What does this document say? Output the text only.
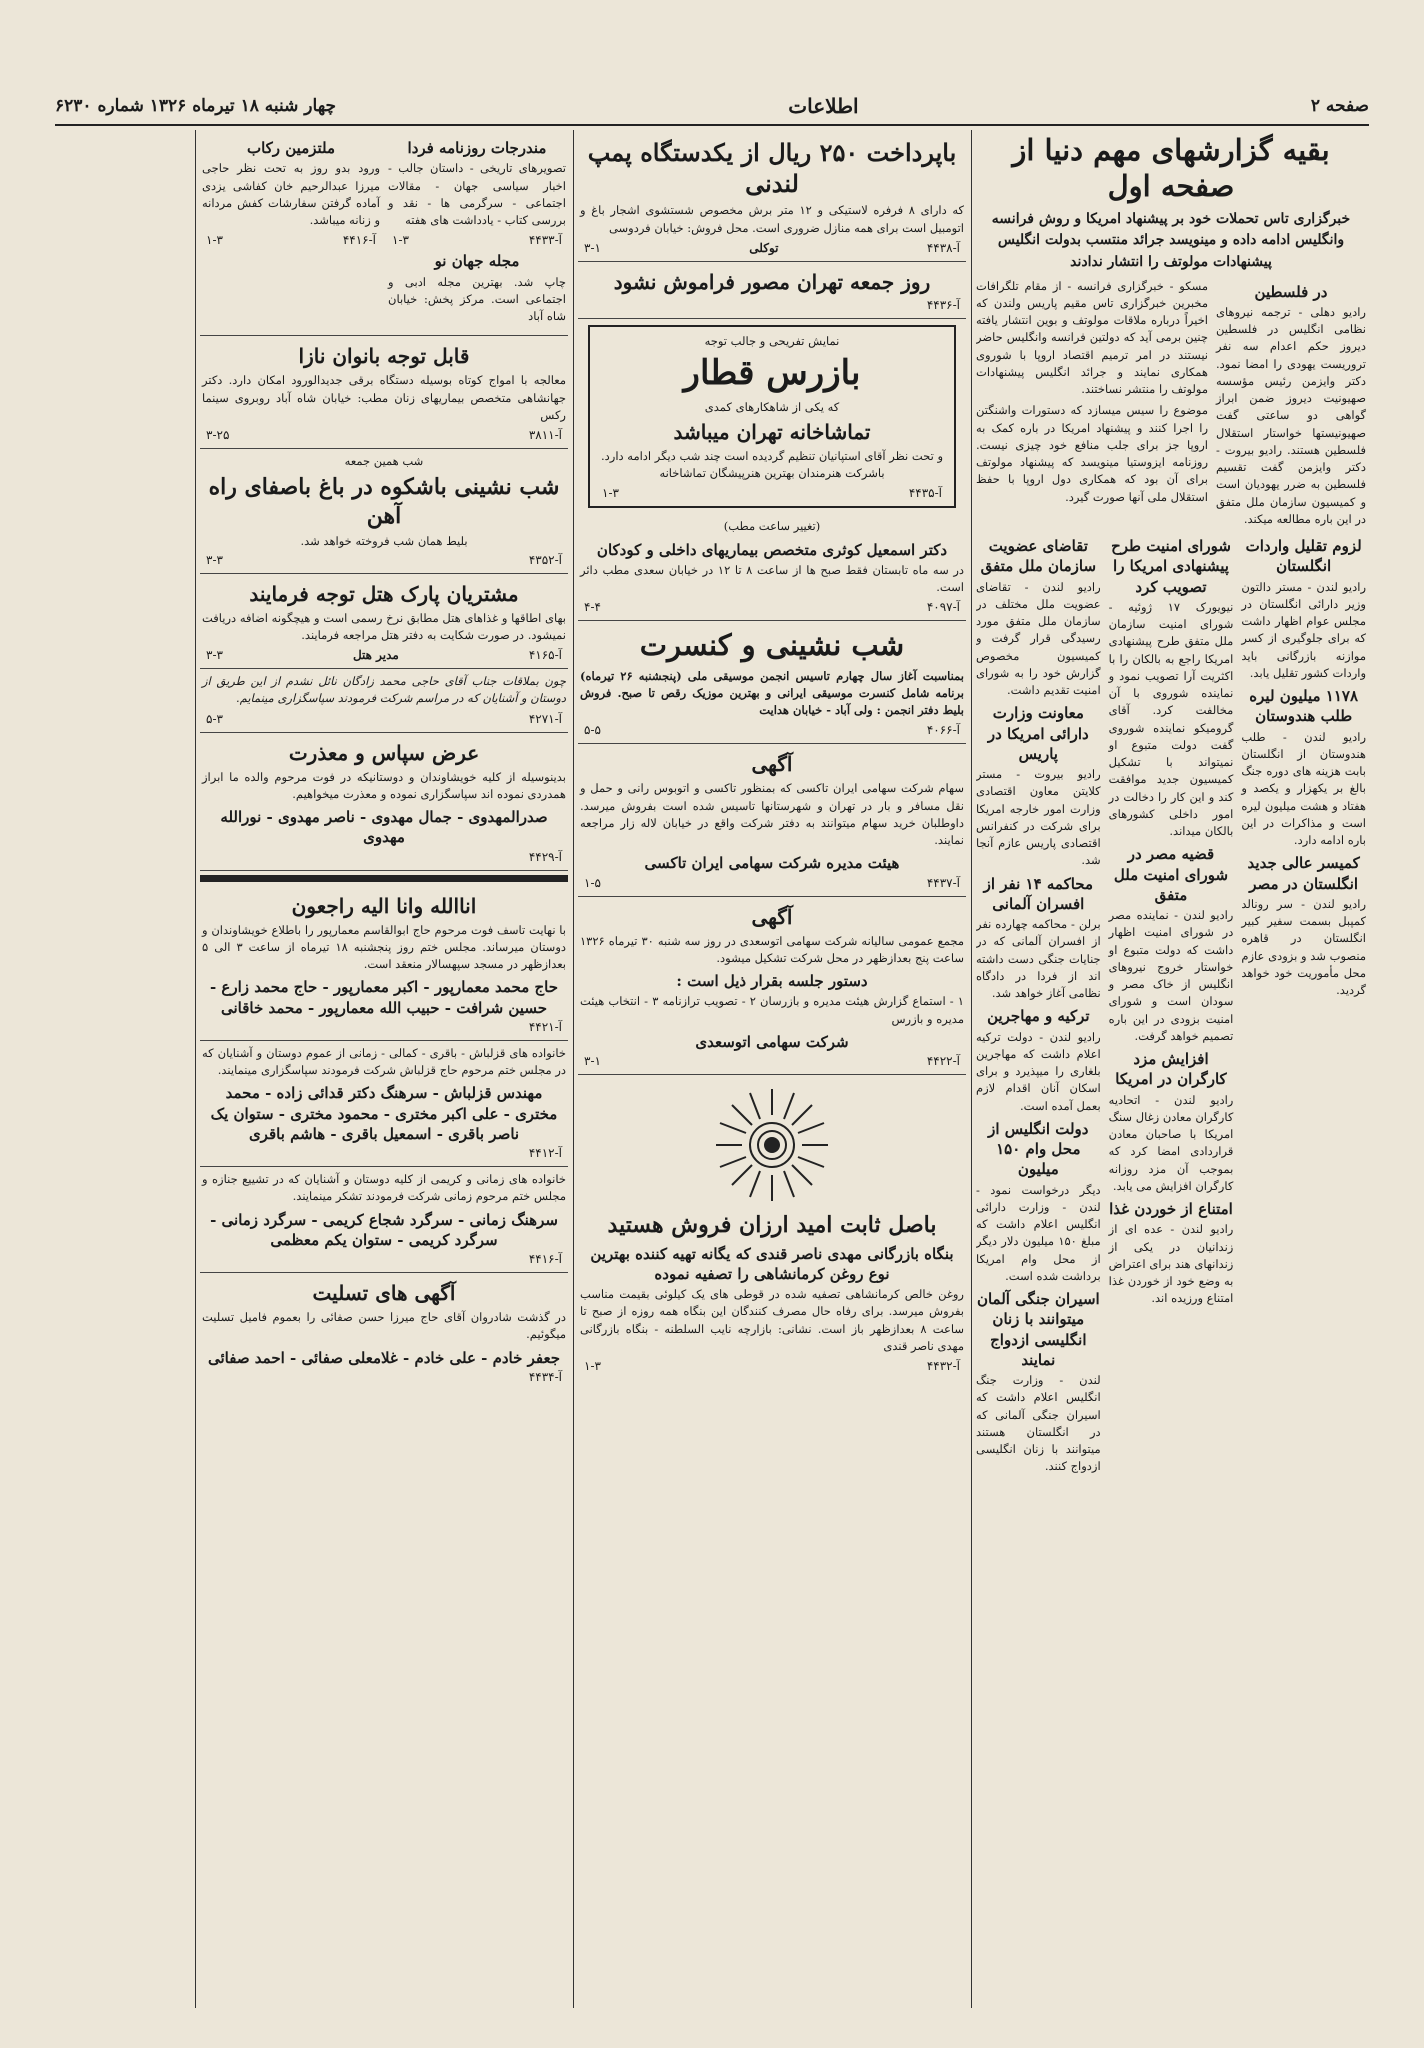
صفحه ۲
اطلاعات
چهار شنبه ۱۸ تیرماه ۱۳۲۶ شماره ۶۲۳۰
بقیه گزارشهای مهم دنیا از صفحه اول
خبرگزاری تاس تحملات خود بر پیشنهاد امریکا و روش فرانسه وانگلیس ادامه داده و مینویسد جرائد منتسب بدولت انگلیس پیشنهادات مولوتف را انتشار ندادند
در فلسطین
رادیو دهلی - ترجمه نیروهای نظامی انگلیس در فلسطین دیروز حکم اعدام سه نفر تروریست یهودی را امضا نمود. دکتر وایزمن رئیس مؤسسه صهیونیت دیروز ضمن ابراز گواهی دو ساعتی گفت صهیونیستها خواستار استقلال فلسطین هستند. رادیو بیروت - دکتر وایزمن گفت تقسیم فلسطین به ضرر یهودیان است و کمیسیون سازمان ملل متفق در این باره مطالعه میکند.
مسکو - خبرگزاری فرانسه - از مقام تلگرافات مخبرین خبرگزاری تاس مقیم پاریس ولندن که اخیراً درباره ملاقات مولوتف و بوین انتشار یافته چنین برمی آید که دولتین فرانسه وانگلیس حاضر نیستند در امر ترمیم اقتصاد اروپا با شوروی همکاری نمایند و جرائد انگلیس پیشنهادات مولوتف را منتشر نساختند.
موضوع را سیس میسازد که دستورات واشنگتن را اجرا کنند و پیشنهاد امریکا در باره کمک به اروپا جز برای جلب منافع خود چیزی نیست. روزنامه ایزوستیا مینویسد که پیشنهاد مولوتف برای آن بود که همکاری دول اروپا با حفظ استقلال ملی آنها صورت گیرد.
لزوم تقلیل واردات انگلستان
رادیو لندن - مستر دالتون وزیر دارائی انگلستان در مجلس عوام اظهار داشت که برای جلوگیری از کسر موازنه بازرگانی باید واردات کشور تقلیل یابد.
۱۱۷۸ میلیون لیره طلب هندوستان
رادیو لندن - طلب هندوستان از انگلستان بابت هزینه های دوره جنگ بالغ بر یکهزار و یکصد و هفتاد و هشت میلیون لیره است و مذاکرات در این باره ادامه دارد.
کمیسر عالی جدید انگلستان در مصر
رادیو لندن - سر رونالد کمپبل بسمت سفیر کبیر انگلستان در قاهره منصوب شد و بزودی عازم محل مأموریت خود خواهد گردید.
شورای امنیت طرح پیشنهادی امریکا را تصویب کرد
نیویورک ۱۷ ژوئیه - شورای امنیت سازمان ملل متفق طرح پیشنهادی امریکا راجع به بالکان را با اکثریت آرا تصویب نمود و نماینده شوروی با آن مخالفت کرد. آقای گرومیکو نماینده شوروی گفت دولت متبوع او نمیتواند با تشکیل کمیسیون جدید موافقت کند و این کار را دخالت در امور داخلی کشورهای بالکان میداند.
قضیه مصر در شورای امنیت ملل متفق
رادیو لندن - نماینده مصر در شورای امنیت اظهار داشت که دولت متبوع او خواستار خروج نیروهای انگلیس از خاک مصر و سودان است و شورای امنیت بزودی در این باره تصمیم خواهد گرفت.
افزایش مزد کارگران در امریکا
رادیو لندن - اتحادیه کارگران معادن زغال سنگ امریکا با صاحبان معادن قراردادی امضا کرد که بموجب آن مزد روزانه کارگران افزایش می یابد.
امتناع از خوردن غذا
رادیو لندن - عده ای از زندانیان در یکی از زندانهای هند برای اعتراض به وضع خود از خوردن غذا امتناع ورزیده اند.
تقاضای عضویت سازمان ملل متفق
رادیو لندن - تقاضای عضویت ملل مختلف در سازمان ملل متفق مورد رسیدگی قرار گرفت و کمیسیون مخصوص گزارش خود را به شورای امنیت تقدیم داشت.
معاونت وزارت دارائی امریکا در پاریس
رادیو بیروت - مستر کلایتن معاون اقتصادی وزارت امور خارجه امریکا برای شرکت در کنفرانس اقتصادی پاریس عازم آنجا شد.
محاکمه ۱۴ نفر از افسران آلمانی
برلن - محاکمه چهارده نفر از افسران آلمانی که در جنایات جنگی دست داشته اند از فردا در دادگاه نظامی آغاز خواهد شد.
ترکیه و مهاجرین
رادیو لندن - دولت ترکیه اعلام داشت که مهاجرین بلغاری را میپذیرد و برای اسکان آنان اقدام لازم بعمل آمده است.
دولت انگلیس از محل وام ۱۵۰ میلیون
دیگر درخواست نمود - لندن - وزارت دارائی انگلیس اعلام داشت که مبلغ ۱۵۰ میلیون دلار دیگر از محل وام امریکا برداشت شده است.
اسیران جنگی آلمان میتوانند با زنان انگلیسی ازدواج نمایند
لندن - وزارت جنگ انگلیس اعلام داشت که اسیران جنگی آلمانی که در انگلستان هستند میتوانند با زنان انگلیسی ازدواج کنند.
باپرداخت ۲۵۰ ریال از یکدستگاه پمپ لندنی
که دارای ۸ فرفره لاستیکی و ۱۲ متر برش مخصوص شستشوی اشجار باغ و اتومبیل است برای همه منازل ضروری است. محل فروش: خیابان فردوسی
آ-۴۴۳۸
توکلی
۳-۱
روز جمعه تهران مصور فراموش نشود
آ-۴۴۳۶
نمایش تفریحی و جالب توجه
بازرس قطار
که یکی از شاهکارهای کمدی
تماشاخانه تهران میباشد
و تحت نظر آقای استپانیان تنظیم گردیده است چند شب دیگر ادامه دارد. باشرکت هنرمندان بهترین هنرپیشگان تماشاخانه
آ-۴۴۳۵
۱-۳
(تغییر ساعت مطب)
دکتر اسمعیل کوثری متخصص بیماریهای داخلی و کودکان
در سه ماه تابستان فقط صبح ها از ساعت ۸ تا ۱۲ در خیابان سعدی مطب دائر است.
آ-۴۰۹۷
۴-۴
شب نشینی و کنسرت
بمناسبت آغاز سال چهارم تاسیس انجمن موسیقی ملی (پنجشنبه ۲۶ تیرماه) برنامه شامل کنسرت موسیقی ایرانی و بهترین موزیک رقص تا صبح. فروش بلیط دفتر انجمن : ولی آباد - خیابان هدایت
آ-۴۰۶۶
۵-۵
آگهی
سهام شرکت سهامی ایران تاکسی که بمنظور تاکسی و اتوبوس رانی و حمل و نقل مسافر و بار در تهران و شهرستانها تاسیس شده است بفروش میرسد. داوطلبان خرید سهام میتوانند به دفتر شرکت واقع در خیابان لاله زار مراجعه نمایند.
هیئت مدیره شرکت سهامی ایران تاکسی
آ-۴۴۳۷
۱-۵
آگهی
مجمع عمومی سالیانه شرکت سهامی اتوسعدی در روز سه شنبه ۳۰ تیرماه ۱۳۲۶ ساعت پنج بعدازظهر در محل شرکت تشکیل میشود.
دستور جلسه بقرار ذیل است :
۱ - استماع گزارش هیئت مدیره و بازرسان ۲ - تصویب ترازنامه ۳ - انتخاب هیئت مدیره و بازرس
شرکت سهامی اتوسعدی
آ-۴۴۲۲
۳-۱
باصل ثابت امید ارزان فروش هستید
بنگاه بازرگانی مهدی ناصر قندی که یگانه تهیه کننده بهترین نوع روغن کرمانشاهی را تصفیه نموده
روغن خالص کرمانشاهی تصفیه شده در قوطی های یک کیلوئی بقیمت مناسب بفروش میرسد. برای رفاه حال مصرف کنندگان این بنگاه همه روزه از صبح تا ساعت ۸ بعدازظهر باز است. نشانی: بازارچه نایب السلطنه - بنگاه بازرگانی مهدی ناصر قندی
آ-۴۴۳۲
۱-۳
مندرجات روزنامه فردا
تصویرهای تاریخی - داستان جالب - اخبار سیاسی جهان - مقالات اجتماعی - سرگرمی ها - نقد و بررسی کتاب - یادداشت های هفته
آ-۴۴۳۳
۱-۳
مجله جهان نو
چاپ شد. بهترین مجله ادبی و اجتماعی است. مرکز پخش: خیابان شاه آباد
ملتزمین رکاب
ورود بدو روز به تحت نظر حاجی میرزا عبدالرحیم خان کفاشی یزدی آماده گرفتن سفارشات کفش مردانه و زنانه میباشد.
آ-۴۴۱۶
۱-۳
قابل توجه بانوان نازا
معالجه با امواج کوتاه بوسیله دستگاه برقی جدیدالورود امکان دارد. دکتر جهانشاهی متخصص بیماریهای زنان مطب: خیابان شاه آباد روبروی سینما رکس
آ-۳۸۱۱
۳-۲۵
شب همین جمعه
شب نشینی باشکوه در باغ باصفای راه آهن
بلیط همان شب فروخته خواهد شد.
آ-۴۳۵۲
۳-۳
مشتریان پارک هتل توجه فرمایند
بهای اطاقها و غذاهای هتل مطابق نرخ رسمی است و هیچگونه اضافه دریافت نمیشود. در صورت شکایت به دفتر هتل مراجعه فرمایند.
آ-۴۱۶۵
مدیر هتل
۳-۳
چون بملاقات جناب آقای حاجی محمد زادگان نائل نشدم از این طریق از دوستان و آشنایان که در مراسم شرکت فرمودند سپاسگزاری مینمایم.
آ-۴۲۷۱
۵-۳
عرض سپاس و معذرت
بدینوسیله از کلیه خویشاوندان و دوستانیکه در فوت مرحوم والده ما ابراز همدردی نموده اند سپاسگزاری نموده و معذرت میخواهیم.
صدرالمهدوی - جمال مهدوی - ناصر مهدوی - نورالله مهدوی
آ-۴۴۲۹
اناالله وانا الیه راجعون
با نهایت تاسف فوت مرحوم حاج ابوالقاسم معمارپور را باطلاع خویشاوندان و دوستان میرساند. مجلس ختم روز پنجشنبه ۱۸ تیرماه از ساعت ۳ الی ۵ بعدازظهر در مسجد سپهسالار منعقد است.
حاج محمد معمارپور - اکبر معمارپور - حاج محمد زارع - حسین شرافت - حبیب الله معمارپور - محمد خاقانی
آ-۴۴۲۱
خانواده های قزلباش - باقری - کمالی - زمانی از عموم دوستان و آشنایان که در مجلس ختم مرحوم حاج قزلباش شرکت فرمودند سپاسگزاری مینمایند.
مهندس قزلباش - سرهنگ دکتر قدائی زاده - محمد مختری - علی اکبر مختری - محمود مختری - ستوان یک ناصر باقری - اسمعیل باقری - هاشم باقری
آ-۴۴۱۲
خانواده های زمانی و کریمی از کلیه دوستان و آشنایان که در تشییع جنازه و مجلس ختم مرحوم زمانی شرکت فرمودند تشکر مینمایند.
سرهنگ زمانی - سرگرد شجاع کریمی - سرگرد زمانی - سرگرد کریمی - ستوان یکم معظمی
آ-۴۴۱۶
آگهی های تسلیت
در گذشت شادروان آقای حاج میرزا حسن صفائی را بعموم فامیل تسلیت میگوئیم.
جعفر خادم - علی خادم - غلامعلی صفائی - احمد صفائی
آ-۴۴۳۴
